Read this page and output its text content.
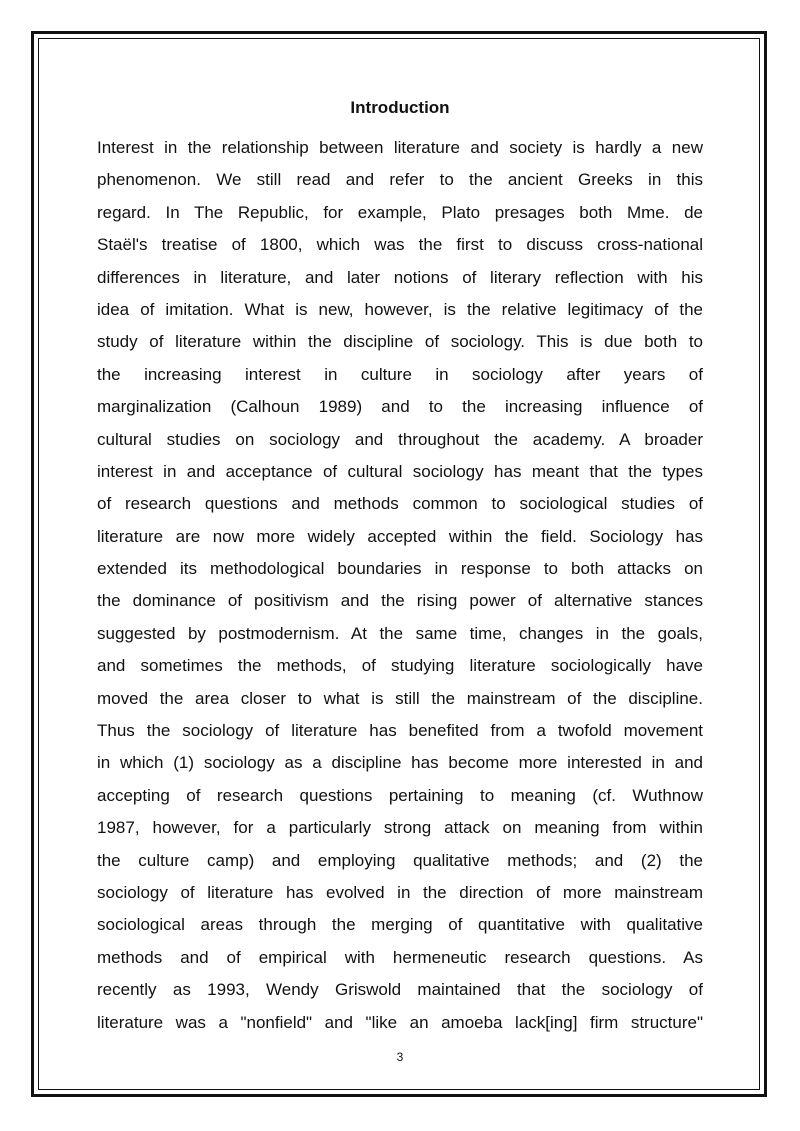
Introduction
Interest in the relationship between literature and society is hardly a new
phenomenon. We still read and refer to the ancient Greeks in this
regard. In The Republic, for example, Plato presages both Mme. de
Staël's treatise of 1800, which was the first to discuss cross-national
differences in literature, and later notions of literary reflection with his
idea of imitation. What is new, however, is the relative legitimacy of the
study of literature within the discipline of sociology. This is due both to
the increasing interest in culture in sociology after years of
marginalization (Calhoun 1989) and to the increasing influence of
cultural studies on sociology and throughout the academy. A broader
interest in and acceptance of cultural sociology has meant that the types
of research questions and methods common to sociological studies of
literature are now more widely accepted within the field. Sociology has
extended its methodological boundaries in response to both attacks on
the dominance of positivism and the rising power of alternative stances
suggested by postmodernism. At the same time, changes in the goals,
and sometimes the methods, of studying literature sociologically have
moved the area closer to what is still the mainstream of the discipline.
Thus the sociology of literature has benefited from a twofold movement
in which (1) sociology as a discipline has become more interested in and
accepting of research questions pertaining to meaning (cf. Wuthnow
1987, however, for a particularly strong attack on meaning from within
the culture camp) and employing qualitative methods; and (2) the
sociology of literature has evolved in the direction of more mainstream
sociological areas through the merging of quantitative with qualitative
methods and of empirical with hermeneutic research questions. As
recently as 1993, Wendy Griswold maintained that the sociology of
literature was a "nonfield" and "like an amoeba lack[ing] firm structure"
3
